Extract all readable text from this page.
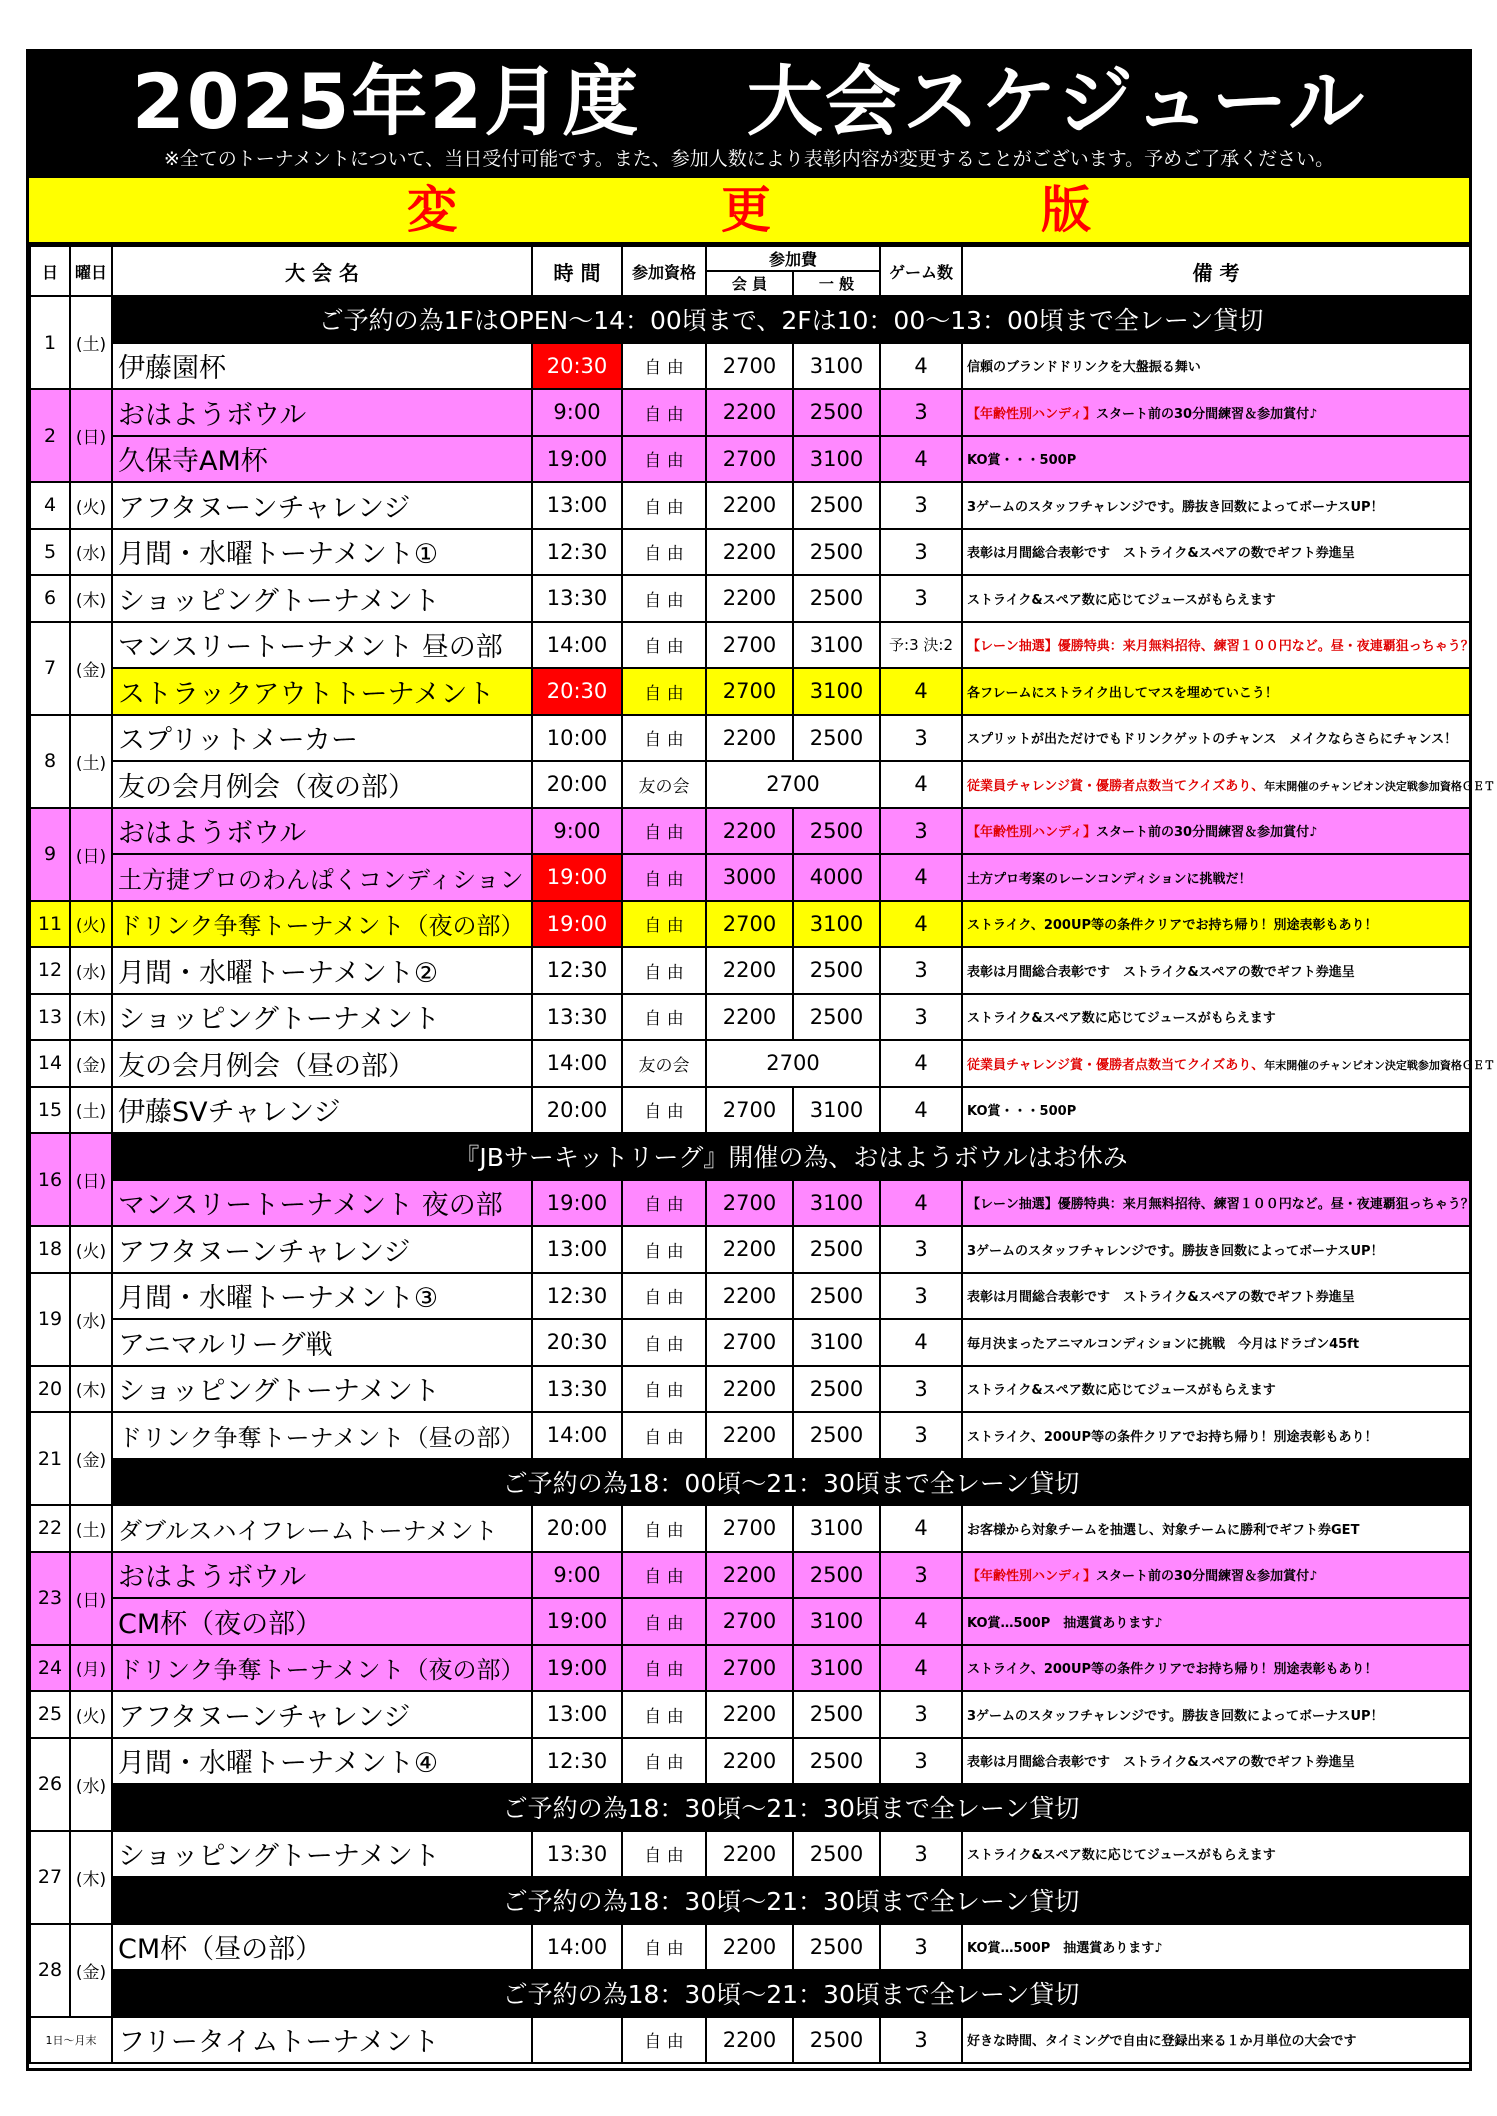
2025年2月度　 大会スケジュール
※全てのトーナメントについて、当日受付可能です。また、参加人数により表彰内容が変更することがございます。予めご了承ください。
変	更	版
日	曜日	大 会 名	時 間	参加資格	参加費		ゲーム数	備 考
					会 員	一 般		
1	(土)	ご予約の為1FはOPEN～14：00頃まで、2Fは10：00～13：00頃まで全レーン貸切						
		伊藤園杯	20:30	自 由	2700	3100	4	信頼のブランドドリンクを大盤振る舞い
2	(日)	おはようボウル	9:00	自 由	2200	2500	3	【年齢性別ハンディ】スタート前の30分間練習＆参加賞付♪
		久保寺AM杯	19:00	自 由	2700	3100	4	KO賞・・・500P
4	(火)	アフタヌーンチャレンジ	13:00	自 由	2200	2500	3	3ゲームのスタッフチャレンジです。勝抜き回数によってボーナスUP！
5	(水)	月間・水曜トーナメント①	12:30	自 由	2200	2500	3	表彰は月間総合表彰です　ストライク&スペアの数でギフト券進呈
6	(木)	ショッピングトーナメント	13:30	自 由	2200	2500	3	ストライク&スペア数に応じてジュースがもらえます
7	(金)	マンスリートーナメント 昼の部	14:00	自 由	2700	3100	予:3 決:2	【レーン抽選】優勝特典：来月無料招待、練習１００円など。昼・夜連覇狙っちゃう？
		ストラックアウトトーナメント	20:30	自 由	2700	3100	4	各フレームにストライク出してマスを埋めていこう！
8	(土)	スプリットメーカー	10:00	自 由	2200	2500	3	スプリットが出ただけでもドリンクゲットのチャンス　メイクならさらにチャンス！
		友の会月例会（夜の部）	20:00	友の会	2700		4	従業員チャレンジ賞・優勝者点数当てクイズあり、年末開催のチャンピオン決定戦参加資格ＧＥＴ
9	(日)	おはようボウル	9:00	自 由	2200	2500	3	【年齢性別ハンディ】スタート前の30分間練習＆参加賞付♪
		土方捷プロのわんぱくコンディション	19:00	自 由	3000	4000	4	土方プロ考案のレーンコンディションに挑戦だ！
11	(火)	ドリンク争奪トーナメント（夜の部）	19:00	自 由	2700	3100	4	ストライク、200UP等の条件クリアでお持ち帰り！別途表彰もあり！
12	(水)	月間・水曜トーナメント②	12:30	自 由	2200	2500	3	表彰は月間総合表彰です　ストライク&スペアの数でギフト券進呈
13	(木)	ショッピングトーナメント	13:30	自 由	2200	2500	3	ストライク&スペア数に応じてジュースがもらえます
14	(金)	友の会月例会（昼の部）	14:00	友の会	2700		4	従業員チャレンジ賞・優勝者点数当てクイズあり、年末開催のチャンピオン決定戦参加資格ＧＥＴ
15	(土)	伊藤SVチャレンジ	20:00	自 由	2700	3100	4	KO賞・・・500P
16	(日)	『JBサーキットリーグ』開催の為、おはようボウルはお休み						
		マンスリートーナメント 夜の部	19:00	自 由	2700	3100	4	【レーン抽選】優勝特典：来月無料招待、練習１００円など。昼・夜連覇狙っちゃう？
18	(火)	アフタヌーンチャレンジ	13:00	自 由	2200	2500	3	3ゲームのスタッフチャレンジです。勝抜き回数によってボーナスUP！
19	(水)	月間・水曜トーナメント③	12:30	自 由	2200	2500	3	表彰は月間総合表彰です　ストライク&スペアの数でギフト券進呈
		アニマルリーグ戦	20:30	自 由	2700	3100	4	毎月決まったアニマルコンディションに挑戦　今月はドラゴン45ft
20	(木)	ショッピングトーナメント	13:30	自 由	2200	2500	3	ストライク&スペア数に応じてジュースがもらえます
21	(金)	ドリンク争奪トーナメント（昼の部）	14:00	自 由	2200	2500	3	ストライク、200UP等の条件クリアでお持ち帰り！別途表彰もあり！
		ご予約の為18：00頃～21：30頃まで全レーン貸切						
22	(土)	ダブルスハイフレームトーナメント	20:00	自 由	2700	3100	4	お客様から対象チームを抽選し、対象チームに勝利でギフト券GET
23	(日)	おはようボウル	9:00	自 由	2200	2500	3	【年齢性別ハンディ】スタート前の30分間練習＆参加賞付♪
		CM杯（夜の部）	19:00	自 由	2700	3100	4	KO賞…500P　抽選賞あります♪
24	(月)	ドリンク争奪トーナメント（夜の部）	19:00	自 由	2700	3100	4	ストライク、200UP等の条件クリアでお持ち帰り！別途表彰もあり！
25	(火)	アフタヌーンチャレンジ	13:00	自 由	2200	2500	3	3ゲームのスタッフチャレンジです。勝抜き回数によってボーナスUP！
26	(水)	月間・水曜トーナメント④	12:30	自 由	2200	2500	3	表彰は月間総合表彰です　ストライク&スペアの数でギフト券進呈
		ご予約の為18：30頃～21：30頃まで全レーン貸切						
27	(木)	ショッピングトーナメント	13:30	自 由	2200	2500	3	ストライク&スペア数に応じてジュースがもらえます
		ご予約の為18：30頃～21：30頃まで全レーン貸切						
28	(金)	CM杯（昼の部）	14:00	自 由	2200	2500	3	KO賞…500P　抽選賞あります♪
		ご予約の為18：30頃～21：30頃まで全レーン貸切						
1日～月末		フリータイムトーナメント		自 由	2200	2500	3	好きな時間、タイミングで自由に登録出来る１か月単位の大会です
